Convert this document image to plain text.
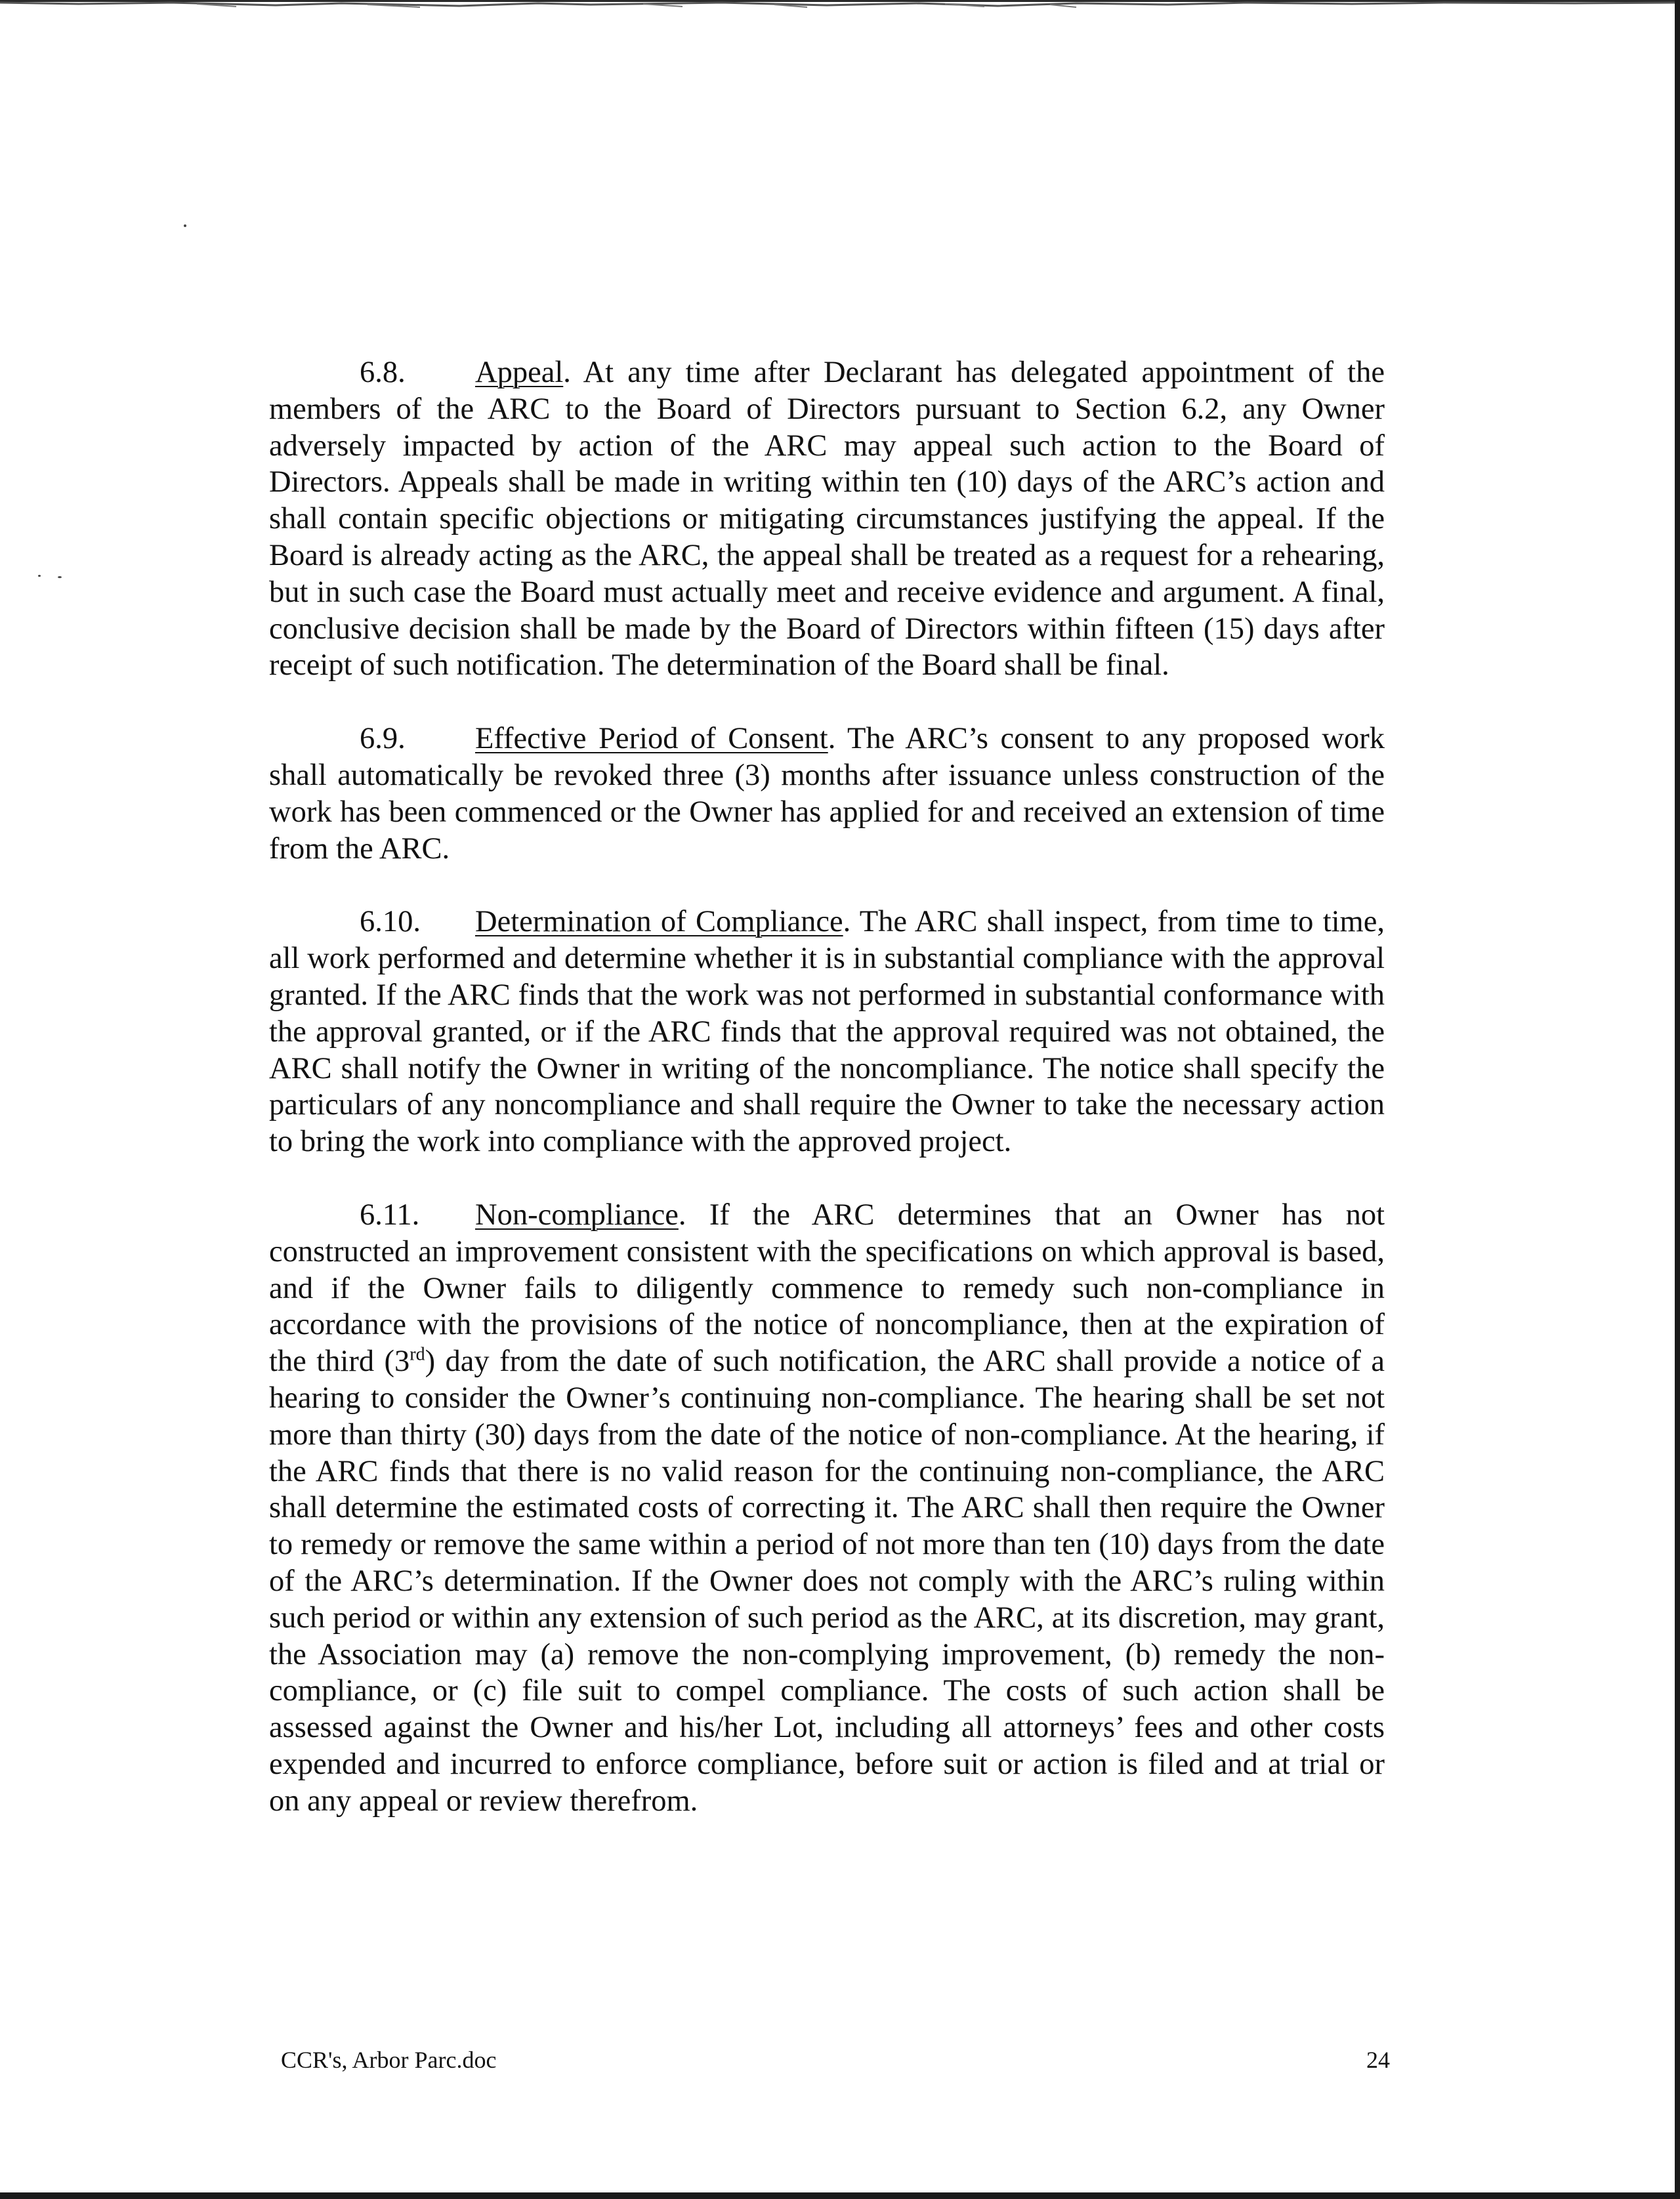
6.8. Appeal. At any time after Declarant has delegated appointment of the members of the ARC to the Board of Directors pursuant to Section 6.2, any Owner adversely impacted by action of the ARC may appeal such action to the Board of Directors. Appeals shall be made in writing within ten (10) days of the ARC’s action and shall contain specific objections or mitigating circumstances justifying the appeal. If the Board is already acting as the ARC, the appeal shall be treated as a request for a rehearing, but in such case the Board must actually meet and receive evidence and argument. A final, conclusive decision shall be made by the Board of Directors within fifteen (15) days after receipt of such notification. The determination of the Board shall be final.

6.9. Effective Period of Consent. The ARC’s consent to any proposed work shall automatically be revoked three (3) months after issuance unless construction of the work has been commenced or the Owner has applied for and received an extension of time from the ARC.

6.10. Determination of Compliance. The ARC shall inspect, from time to time, all work performed and determine whether it is in substantial compliance with the approval granted. If the ARC finds that the work was not performed in substantial conformance with the approval granted, or if the ARC finds that the approval required was not obtained, the ARC shall notify the Owner in writing of the noncompliance. The notice shall specify the particulars of any noncompliance and shall require the Owner to take the necessary action to bring the work into compliance with the approved project.

6.11. Non-compliance. If the ARC determines that an Owner has not constructed an improvement consistent with the specifications on which approval is based, and if the Owner fails to diligently commence to remedy such non-compliance in accordance with the provisions of the notice of noncompliance, then at the expiration of the third (3rd) day from the date of such notification, the ARC shall provide a notice of a hearing to consider the Owner’s continuing non-compliance. The hearing shall be set not more than thirty (30) days from the date of the notice of non-compliance. At the hearing, if the ARC finds that there is no valid reason for the continuing non-compliance, the ARC shall determine the estimated costs of correcting it. The ARC shall then require the Owner to remedy or remove the same within a period of not more than ten (10) days from the date of the ARC’s determination. If the Owner does not comply with the ARC’s ruling within such period or within any extension of such period as the ARC, at its discretion, may grant, the Association may (a) remove the non-complying improvement, (b) remedy the non-compliance, or (c) file suit to compel compliance. The costs of such action shall be assessed against the Owner and his/her Lot, including all attorneys’ fees and other costs expended and incurred to enforce compliance, before suit or action is filed and at trial or on any appeal or review therefrom.

CCR's, Arbor Parc.doc	24
